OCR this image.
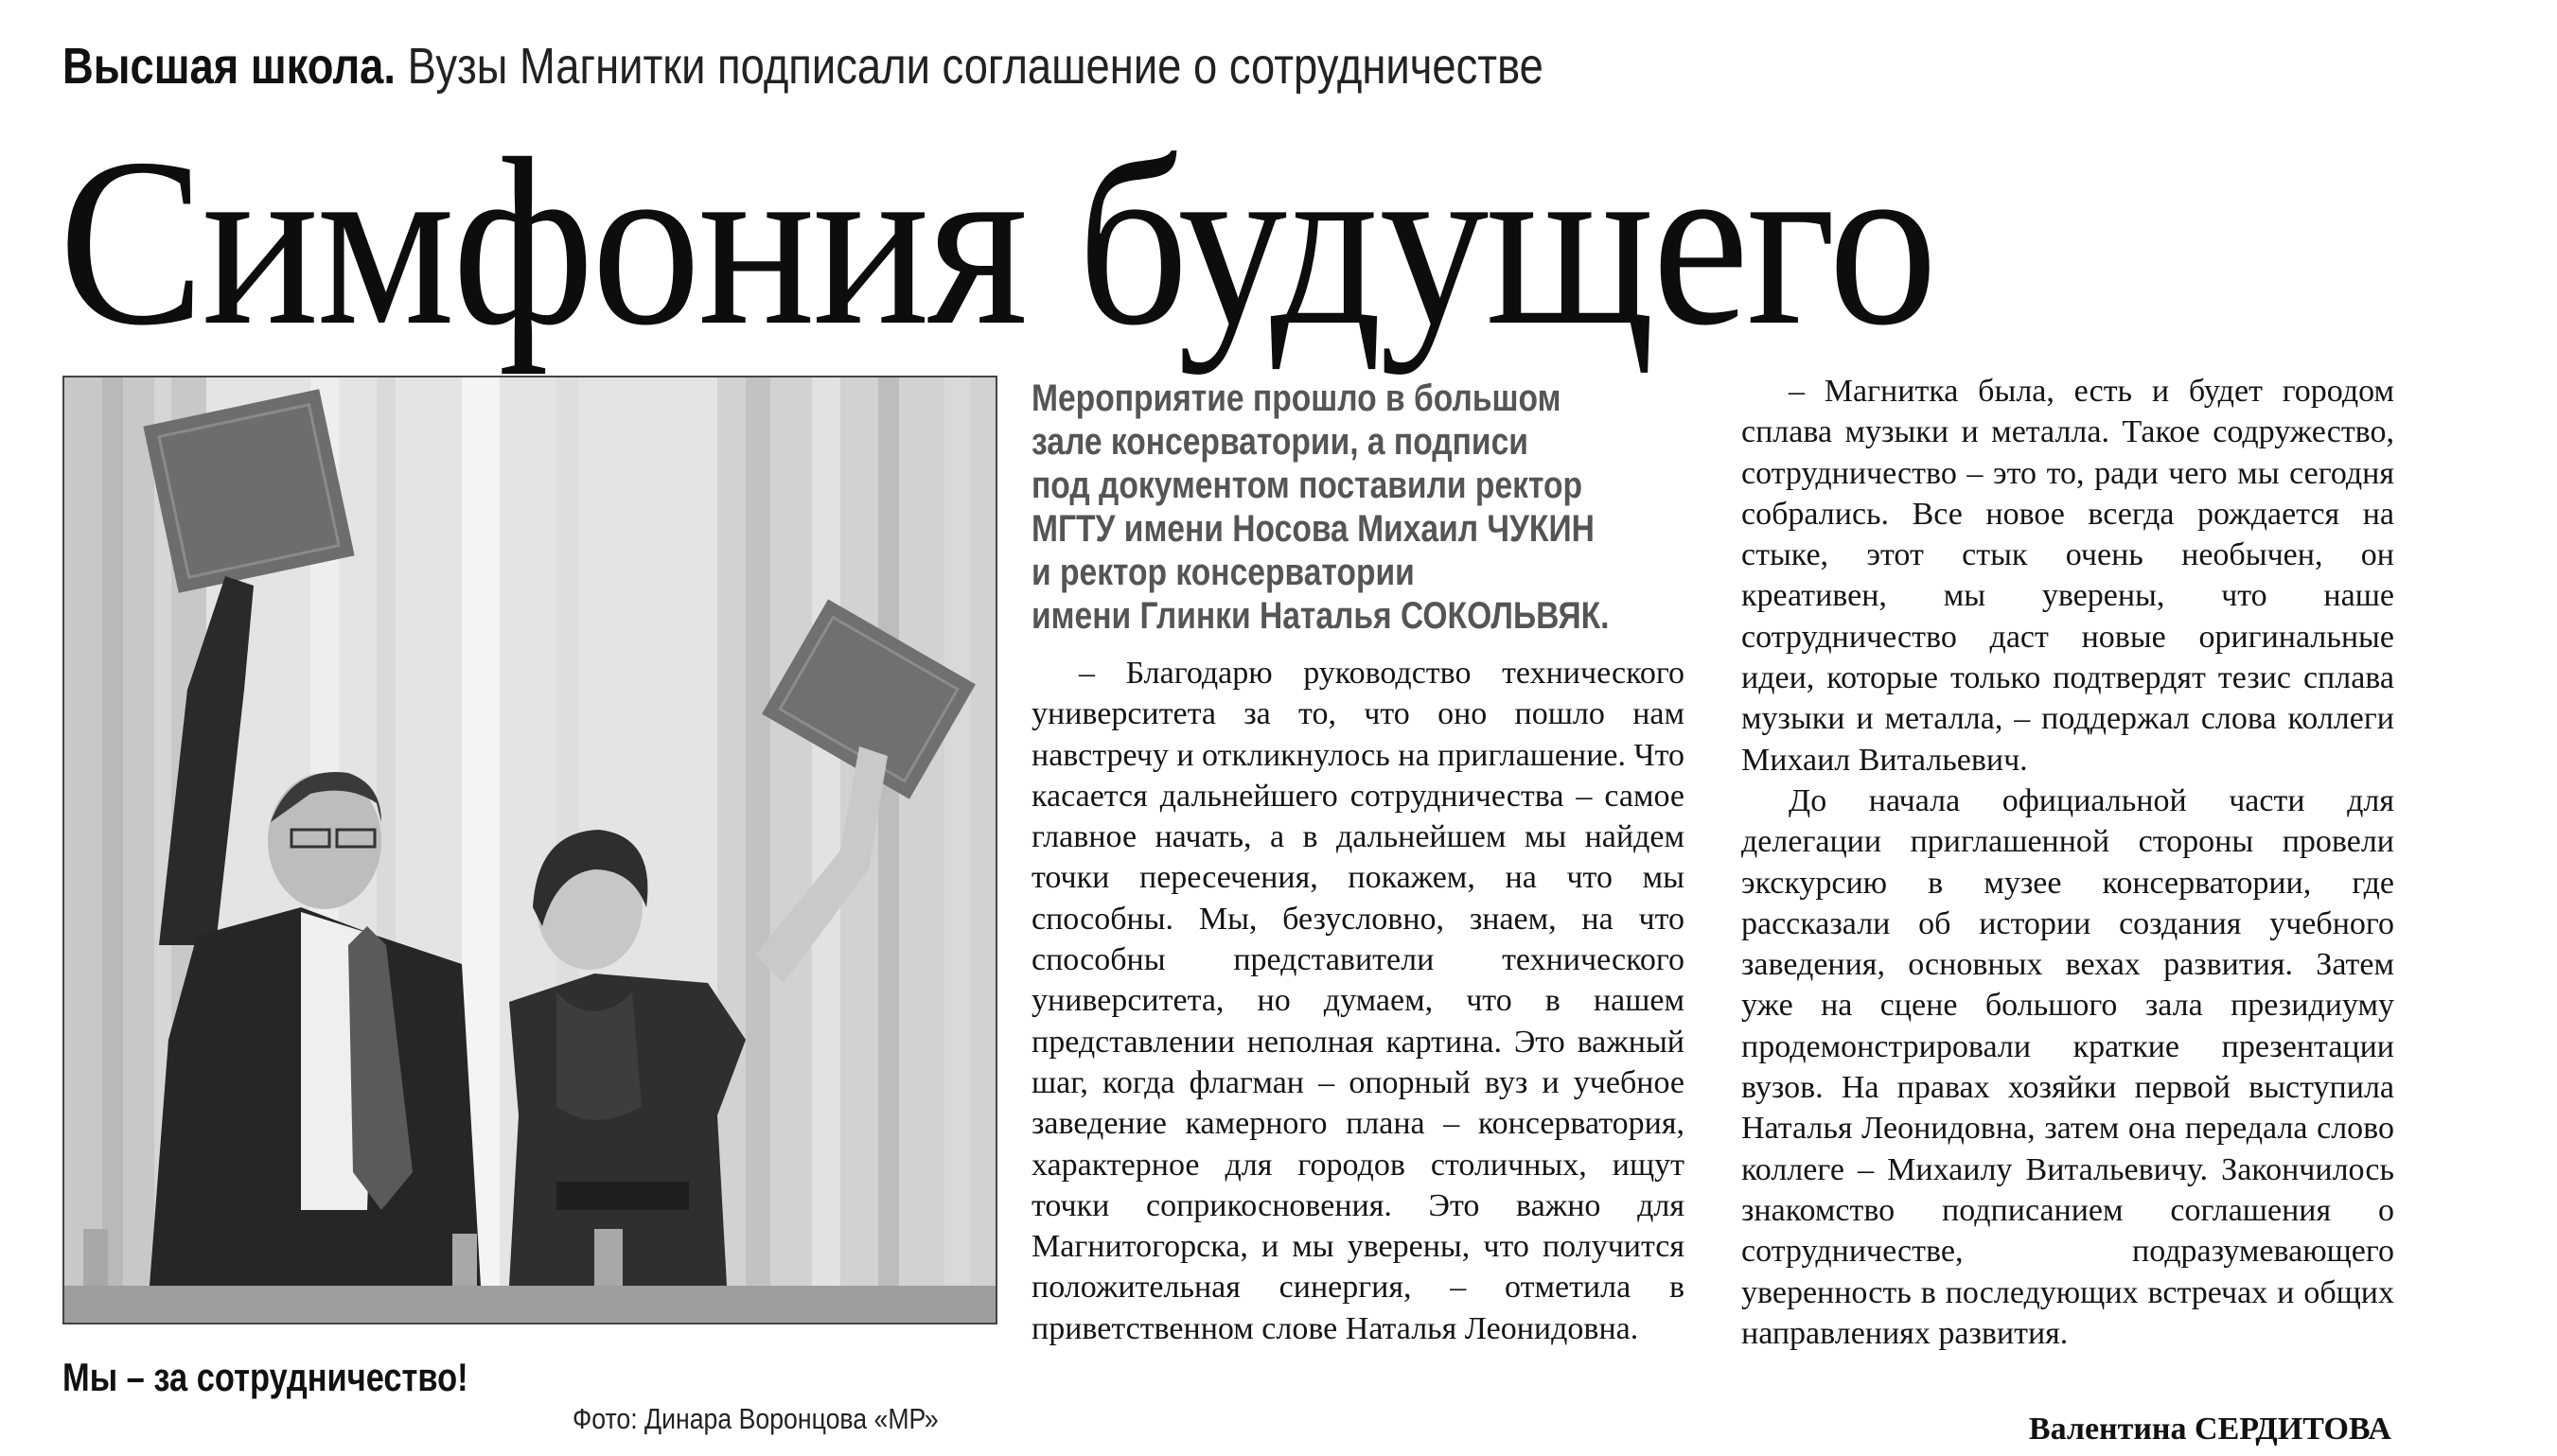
Высшая школа. Вузы Магнитки подписали соглашение о сотрудничестве
Симфония будущего
Мы – за сотрудничество!
Фото: Динара Воронцова «МР»
Мероприятие прошло в большом
зале консерватории, а подписи
под документом поставили ректор
МГТУ имени Носова Михаил ЧУКИН
и ректор консерватории
имени Глинки Наталья СОКОЛЬВЯК.

– Благодарю руководство технического университета за то, что оно пошло нам навстречу и откликнулось на приглашение. Что касается дальнейшего сотрудничества – самое главное начать, а в дальнейшем мы найдем точки пересечения, покажем, на что мы способны. Мы, безусловно, знаем, на что способны представители технического университета, но думаем, что в нашем представлении неполная картина. Это важный шаг, когда флагман – опорный вуз и учебное заведение камерного плана – консерватория, характерное для городов столичных, ищут точки соприкосновения. Это важно для Магнитогорска, и мы уверены, что получится положительная синергия, – отметила в приветственном слове Наталья Леонидовна.

– Магнитка была, есть и будет городом сплава музыки и металла. Такое содружество, сотрудничество – это то, ради чего мы сегодня собрались. Все новое всегда рождается на стыке, этот стык очень необычен, он креативен, мы уверены, что наше сотрудничество даст новые оригинальные идеи, которые только подтвердят тезис сплава музыки и металла, – поддержал слова коллеги Михаил Витальевич.

До начала официальной части для делегации приглашенной стороны провели экскурсию в музее консерватории, где рассказали об истории создания учебного заведения, основных вехах развития. Затем уже на сцене большого зала президиуму продемонстрировали краткие презентации вузов. На правах хозяйки первой выступила Наталья Леонидовна, затем она передала слово коллеге – Михаилу Витальевичу. Закончилось знакомство подписанием соглашения о сотрудничестве, подразумевающего уверенность в последующих встречах и общих направлениях развития.

Валентина СЕРДИТОВА
